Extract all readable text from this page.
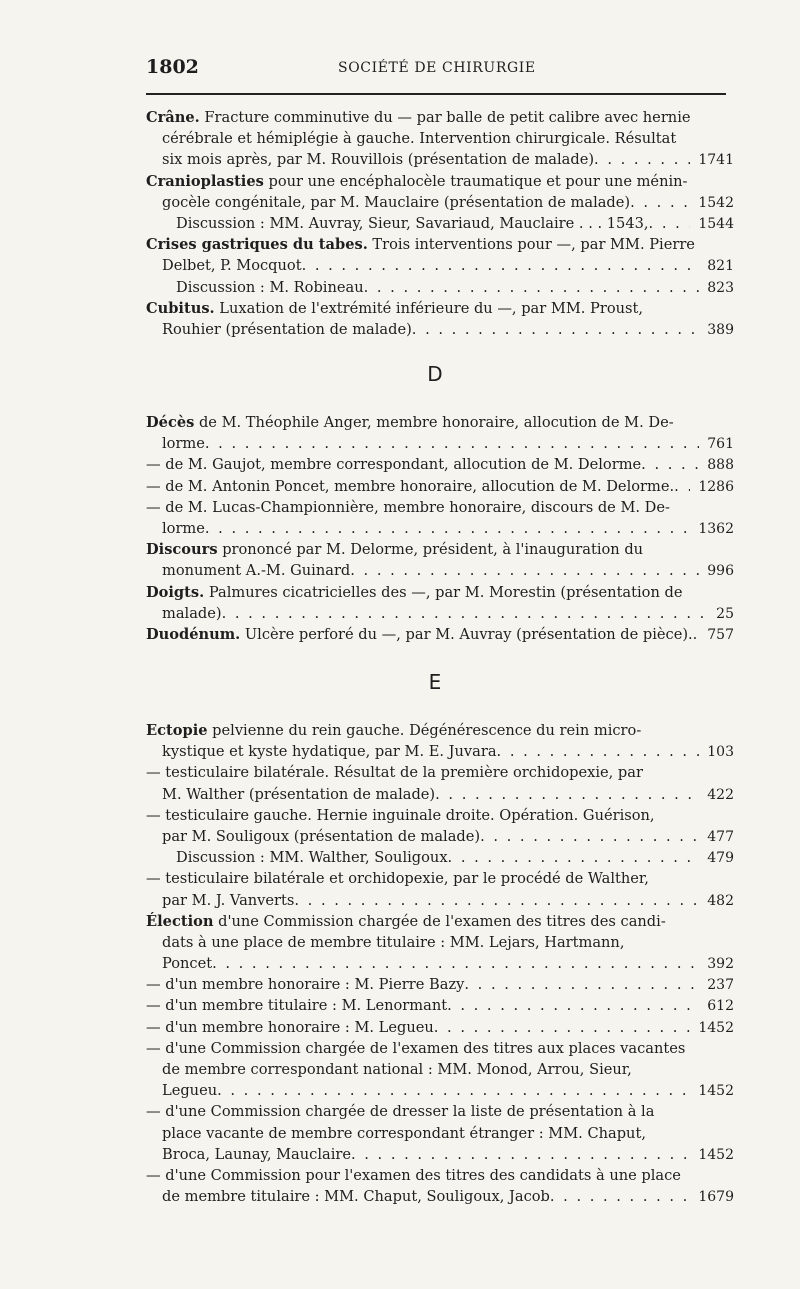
1802	SOCIÉTÉ DE CHIRURGIE
Crâne. Fracture comminutive du — par balle de petit calibre avec hernie
cérébrale et hémiplégie à gauche. Intervention chirurgicale. Résultat
six mois après, par M. Rouvillois (présentation de malade) . . .	1741
Cranioplasties pour une encéphalocèle traumatique et pour une ménin-
gocèle congénitale, par M. Mauclaire (présentation de malade) . . .	1542
Discussion : MM. Auvray, Sieur, Savariaud, Mauclaire . . . 1543, . . .	1544
Crises gastriques du tabes. Trois interventions pour —, par MM. Pierre
Delbet, P. Mocquot . . .	821
Discussion : M. Robineau . . .	823
Cubitus. Luxation de l'extrémité inférieure du —, par MM. Proust,
Rouhier (présentation de malade) . . .	389
D
Décès de M. Théophile Anger, membre honoraire, allocution de M. De-
lorme . . .	761
— de M. Gaujot, membre correspondant, allocution de M. Delorme . . .	888
— de M. Antonin Poncet, membre honoraire, allocution de M. Delorme. . . .	1286
— de M. Lucas-Championnière, membre honoraire, discours de M. De-
lorme . . .	1362
Discours prononcé par M. Delorme, président, à l'inauguration du
monument A.-M. Guinard . . .	996
Doigts. Palmures cicatricielles des —, par M. Morestin (présentation de
malade) . . .	25
Duodénum. Ulcère perforé du —, par M. Auvray (présentation de pièce). . . .	757
E
Ectopie pelvienne du rein gauche. Dégénérescence du rein micro-
kystique et kyste hydatique, par M. E. Juvara . . .	103
— testiculaire bilatérale. Résultat de la première orchidopexie, par
M. Walther (présentation de malade) . . .	422
— testiculaire gauche. Hernie inguinale droite. Opération. Guérison,
par M. Souligoux (présentation de malade) . . .	477
Discussion : MM. Walther, Souligoux . . .	479
— testiculaire bilatérale et orchidopexie, par le procédé de Walther,
par M. J. Vanverts . . .	482
Élection d'une Commission chargée de l'examen des titres des candi-
dats à une place de membre titulaire : MM. Lejars, Hartmann,
Poncet . . .	392
— d'un membre honoraire : M. Pierre Bazy . . .	237
— d'un membre titulaire : M. Lenormant . . .	612
— d'un membre honoraire : M. Legueu . . .	1452
— d'une Commission chargée de l'examen des titres aux places vacantes
de membre correspondant national : MM. Monod, Arrou, Sieur,
Legueu . . .	1452
— d'une Commission chargée de dresser la liste de présentation à la
place vacante de membre correspondant étranger : MM. Chaput,
Broca, Launay, Mauclaire . . .	1452
— d'une Commission pour l'examen des titres des candidats à une place
de membre titulaire : MM. Chaput, Souligoux, Jacob . . .	1679
